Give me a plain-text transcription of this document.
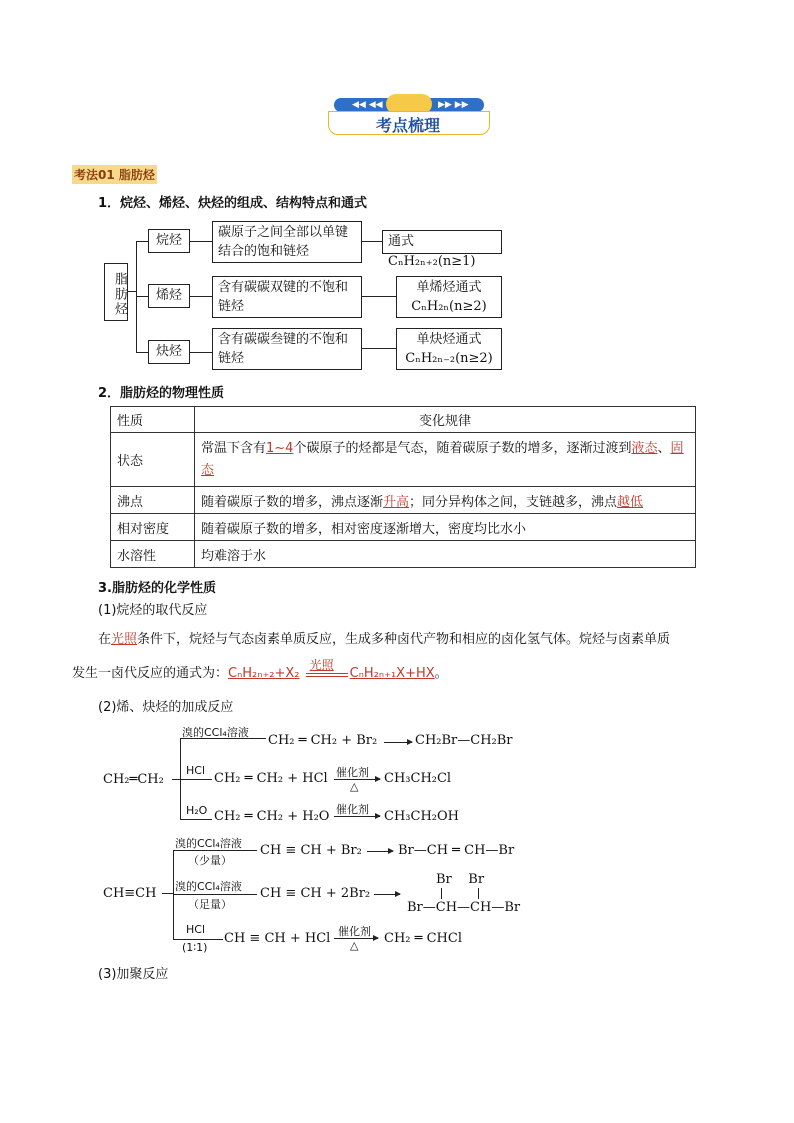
◀◀ ◀◀	▶▶ ▶▶
考点梳理
考法01 脂肪烃
1．烷烃、烯烃、炔烃的组成、结构特点和通式
脂肪烃
烷烃
碳原子之间全部以单键结合的饱和链烃
通式CₙH₂ₙ₊₂(n≥1)
烯烃
含有碳碳双键的不饱和链烃
单烯烃通式
CₙH₂ₙ(n≥2)
炔烃
含有碳碳叁键的不饱和链烃
单炔烃通式
CₙH₂ₙ₋₂(n≥2)
2．脂肪烃的物理性质
性质	变化规律
状态	常温下含有1~4个碳原子的烃都是气态，随着碳原子数的增多，逐渐过渡到液态、固态
沸点	随着碳原子数的增多，沸点逐渐升高；同分异构体之间，支链越多，沸点越低
相对密度	随着碳原子数的增多，相对密度逐渐增大，密度均比水小
水溶性	均难溶于水
3.脂肪烃的化学性质
(1)烷烃的取代反应
在光照条件下，烷烃与气态卤素单质反应，生成多种卤代产物和相应的卤化氢气体。烷烃与卤素单质
发生一卤代反应的通式为：CₙH₂ₙ₊₂+X₂
光照
CₙH₂ₙ₊₁X+HX。
(2)烯、炔烃的加成反应
CH₂═CH₂
溴的CCl₄溶液
CH₂ ═ CH₂ + Br₂ → CH₂Br—CH₂Br
HCl
CH₂ ═ CH₂ + HCl 催化剂
△
CH₃CH₂Cl
H₂O CH₂ ═ CH₂ + H₂O 催化剂 → CH₃CH₂OH
CH≡CH
溴的CCl₄溶液
（少量）
CH ≡ CH + Br₂ → Br—CH ═ CH—Br
溴的CCl₄溶液
（足量）
CH ≡ CH + 2Br₂ →
Br    Br
Br—CH—CH—Br
HCl
(1∶1)
CH ≡ CH + HCl 催化剂
△ CH₂ ═ CHCl
(3)加聚反应
